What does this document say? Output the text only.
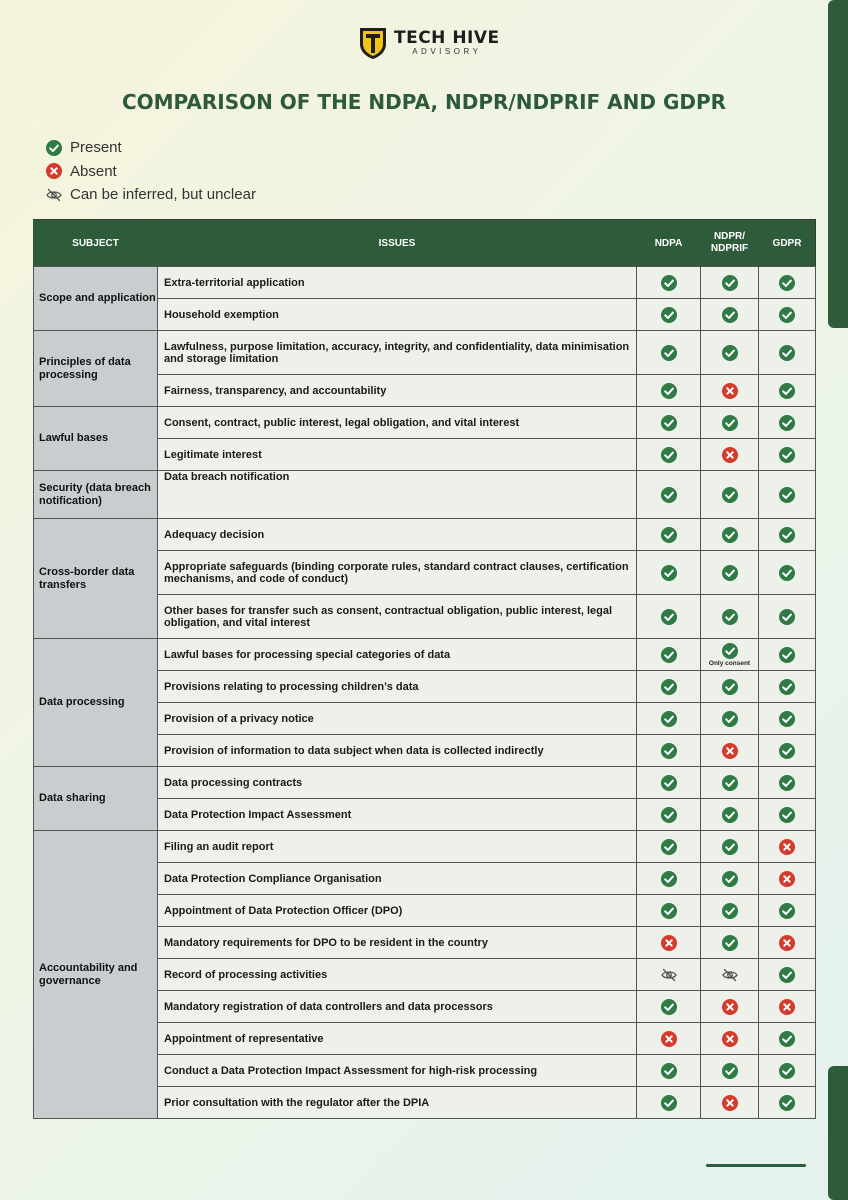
TECH HIVE
ADVISORY
COMPARISON OF THE NDPA, NDPR/NDPRIF AND GDPR
Present
Absent
Can be inferred, but unclear
SUBJECT	ISSUES	NDPA	NDPR/ NDPRIF	GDPR
Scope and application	Extra-territorial application	

	Household exemption	

Principles of data processing	Lawfulness, purpose limitation, accuracy, integrity, and confidentiality, data minimisation and storage limitation	

	Fairness, transparency, and accountability	

Lawful bases	Consent, contract, public interest, legal obligation, and vital interest	

	Legitimate interest	

Security (data breach notification)	Data breach notification	

Cross-border data transfers	Adequacy decision	

	Appropriate safeguards (binding corporate rules, standard contract clauses, certification mechanisms, and code of conduct)	

	Other bases for transfer such as consent, contractual obligation, public interest, legal obligation, and vital interest	

Data processing	Lawful bases for processing special categories of data		Only consent

	Provisions relating to processing children’s data	

	Provision of a privacy notice	

	Provision of information to data subject when data is collected indirectly	

Data sharing	Data processing contracts	

	Data Protection Impact Assessment	

Accountability and governance	Filing an audit report	

	Data Protection Compliance Organisation	

	Appointment of Data Protection Officer (DPO)	

	Mandatory requirements for DPO to be resident in the country	

	Record of processing activities	

	Mandatory registration of data controllers and data processors	

	Appointment of representative	

	Conduct a Data Protection Impact Assessment for high-risk processing	

	Prior consultation with the regulator after the DPIA	
